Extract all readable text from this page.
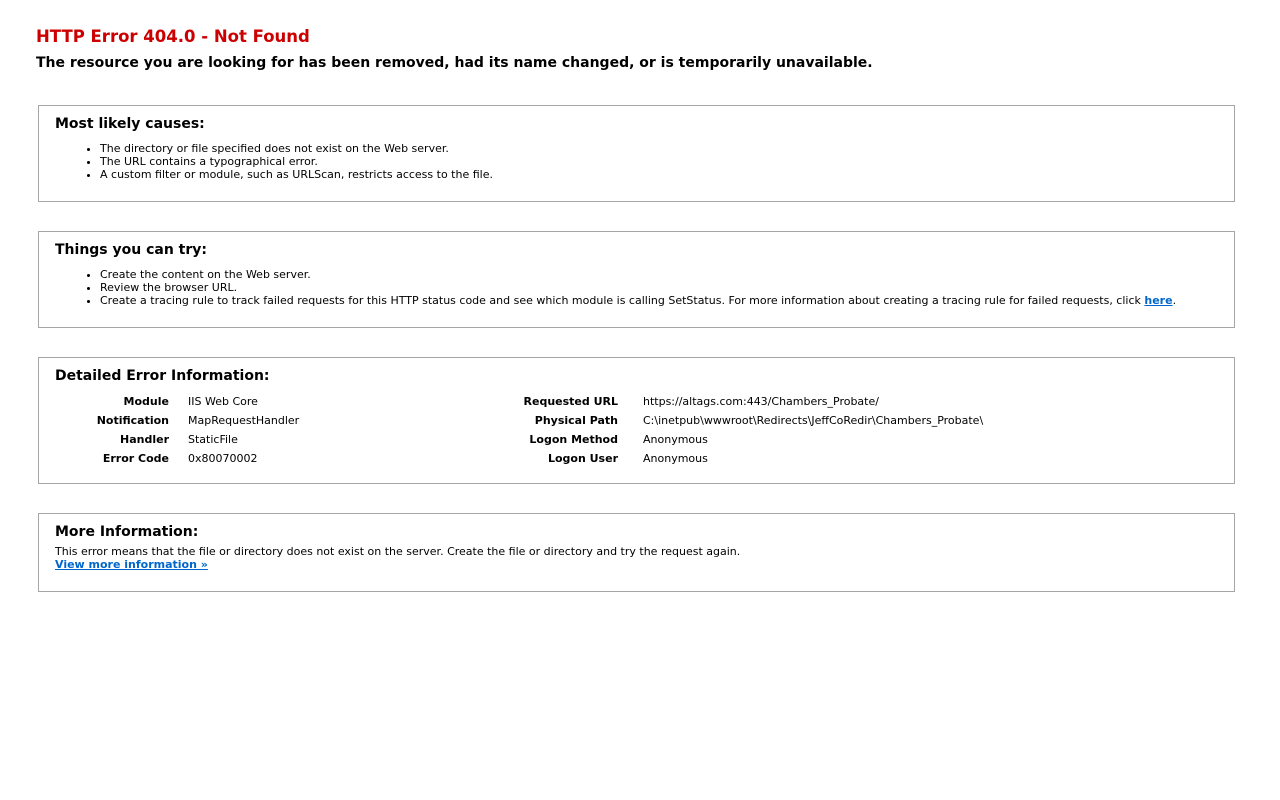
HTTP Error 404.0 - Not Found
The resource you are looking for has been removed, had its name changed, or is temporarily unavailable.
Most likely causes:
• The directory or file specified does not exist on the Web server.
• The URL contains a typographical error.
• A custom filter or module, such as URLScan, restricts access to the file.
Things you can try:
• Create the content on the Web server.
• Review the browser URL.
• Create a tracing rule to track failed requests for this HTTP status code and see which module is calling SetStatus. For more information about creating a tracing rule for failed requests, click here.
Detailed Error Information:
Module	IIS Web Core
Notification	MapRequestHandler
Handler	StaticFile
Error Code	0x80070002
Requested URL	https://altags.com:443/Chambers_Probate/
Physical Path	C:\inetpub\wwwroot\Redirects\JeffCoRedir\Chambers_Probate\
Logon Method	Anonymous
Logon User	Anonymous
More Information:

This error means that the file or directory does not exist on the server. Create the file or directory and try the request again.

View more information »
